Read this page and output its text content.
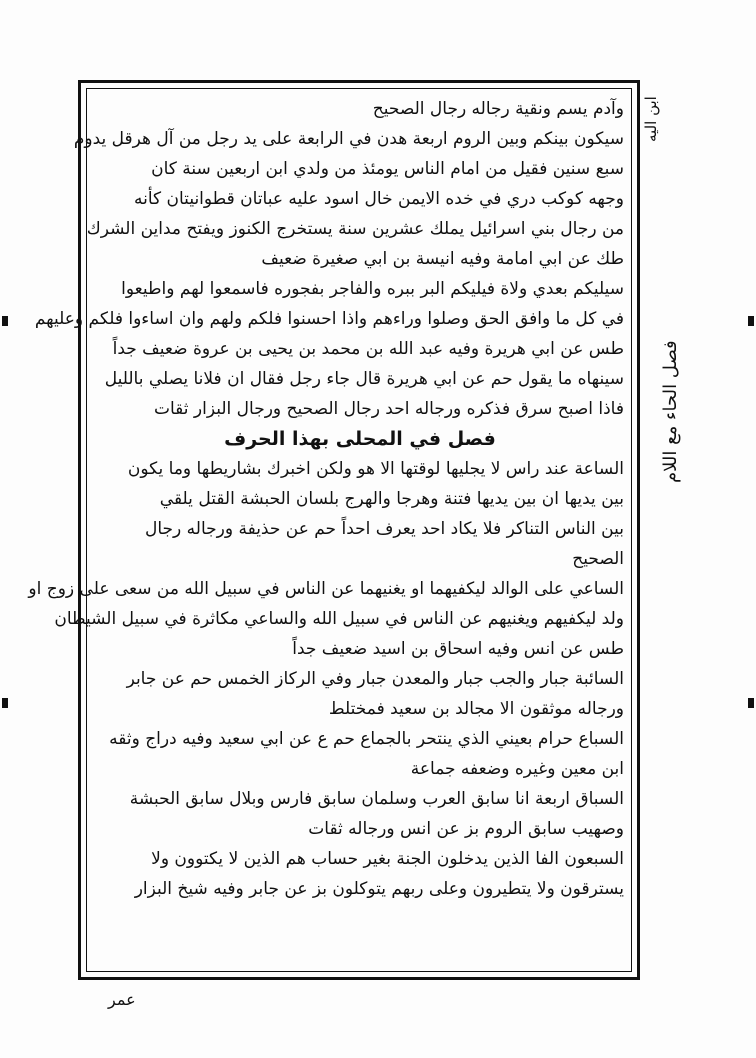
وآدم يسم ونقية رجاله رجال الصحيح
سيكون بينكم وبين الروم اربعة هدن في الرابعة على يد رجل من آل هرقل يدوم
سبع سنين فقيل من امام الناس يومئذ من ولدي ابن اربعين سنة كان
وجهه كوكب دري في خده الايمن خال اسود عليه عباتان قطوانيتان كأنه
من رجال بني اسرائيل يملك عشرين سنة يستخرج الكنوز ويفتح مداين الشرك
طك عن ابي امامة وفيه انيسة بن ابي صغيرة ضعيف
سيليكم بعدي ولاة فيليكم البر ببره والفاجر بفجوره فاسمعوا لهم واطيعوا
في كل ما وافق الحق وصلوا وراءهم واذا احسنوا فلكم ولهم وان اساءوا فلكم وعليهم
طس عن ابي هريرة وفيه عبد الله بن محمد بن يحيى بن عروة ضعيف جداً
سينهاه ما يقول حم عن ابي هريرة قال جاء رجل فقال ان فلانا يصلي بالليل
فاذا اصبح سرق فذكره ورجاله احد رجال الصحيح ورجال البزار ثقات
فصل في المحلى بهذا الحرف
الساعة عند راس لا يجليها لوقتها الا هو ولكن اخبرك بشاريطها وما يكون
بين يديها ان بين يديها فتنة وهرجا والهرج بلسان الحبشة القتل يلقي
بين الناس التناكر فلا يكاد احد يعرف احداً حم عن حذيفة ورجاله رجال
الصحيح
الساعي على الوالد ليكفيهما او يغنيهما عن الناس في سبيل الله من سعى على زوج او
ولد ليكفيهم ويغنيهم عن الناس في سبيل الله والساعي مكاثرة في سبيل الشيطان
طس عن انس وفيه اسحاق بن اسيد ضعيف جداً
السائبة جبار والجب جبار والمعدن جبار وفي الركاز الخمس حم عن جابر
ورجاله موثقون الا مجالد بن سعيد فمختلط
السباع حرام بعيني الذي ينتحر بالجماع حم ع عن ابي سعيد وفيه دراج وثقه
ابن معين وغيره وضعفه جماعة
السباق اربعة انا سابق العرب وسلمان سابق فارس وبلال سابق الحبشة
وصهيب سابق الروم بز عن انس ورجاله ثقات
السبعون الفا الذين يدخلون الجنة بغير حساب هم الذين لا يكتوون ولا
يسترقون ولا يتطيرون وعلى ربهم يتوكلون بز عن جابر وفيه شيخ البزار
ابن اليه
فصل الحاء مع اللام
عمر
